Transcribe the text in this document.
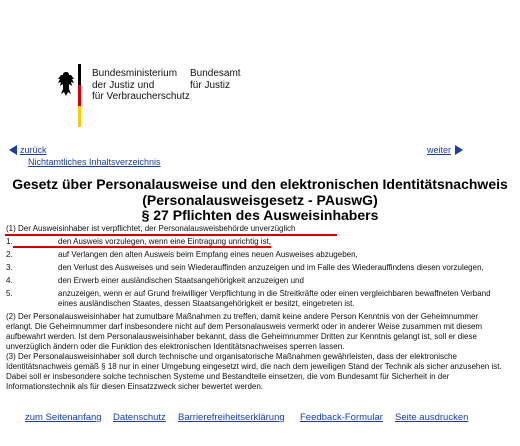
Bundesministerium
der Justiz und
für Verbraucherschutz
Bundesamt
für Justiz
zurück	weiter
Nichtamtliches Inhaltsverzeichnis
Gesetz über Personalausweise und den elektronischen Identitätsnachweis
(Personalausweisgesetz - PAuswG)
§ 27 Pflichten des Ausweisinhabers

(1) Der Ausweisinhaber ist verpflichtet, der Personalausweisbehörde unverzüglich

1.	den Ausweis vorzulegen, wenn eine Eintragung unrichtig ist,
2.	auf Verlangen den alten Ausweis beim Empfang eines neuen Ausweises abzugeben,
3.	den Verlust des Ausweises und sein Wiederauffinden anzuzeigen und im Falle des Wiederauffindens diesen vorzulegen,
4.	den Erwerb einer ausländischen Staatsangehörigkeit anzuzeigen und
5.	anzuzeigen, wenn er auf Grund freiwilliger Verpflichtung in die Streitkräfte oder einen vergleichbaren bewaffneten Verband eines ausländischen Staates, dessen Staatsangehörigkeit er besitzt, eingetreten ist.

(2) Der Personalausweisinhaber hat zumutbare Maßnahmen zu treffen, damit keine andere Person Kenntnis von der Geheimnummer erlangt. Die Geheimnummer darf insbesondere nicht auf dem Personalausweis vermerkt oder in anderer Weise zusammen mit diesem aufbewahrt werden. Ist dem Personalausweisinhaber bekannt, dass die Geheimnummer Dritten zur Kenntnis gelangt ist, soll er diese unverzüglich ändern oder die Funktion des elektronischen Identitätsnachweises sperren lassen.

(3) Der Personalausweisinhaber soll durch technische und organisatorische Maßnahmen gewährleisten, dass der elektronische Identitätsnachweis gemäß § 18 nur in einer Umgebung eingesetzt wird, die nach dem jeweiligen Stand der Technik als sicher anzusehen ist. Dabei soll er insbesondere solche technischen Systeme und Bestandteile einsetzen, die vom Bundesamt für Sicherheit in der Informationstechnik als für diesen Einsatzzweck sicher bewertet werden.

zum Seitenanfang Datenschutz Barrierefreiheitserklärung Feedback-Formular Seite ausdrucken
